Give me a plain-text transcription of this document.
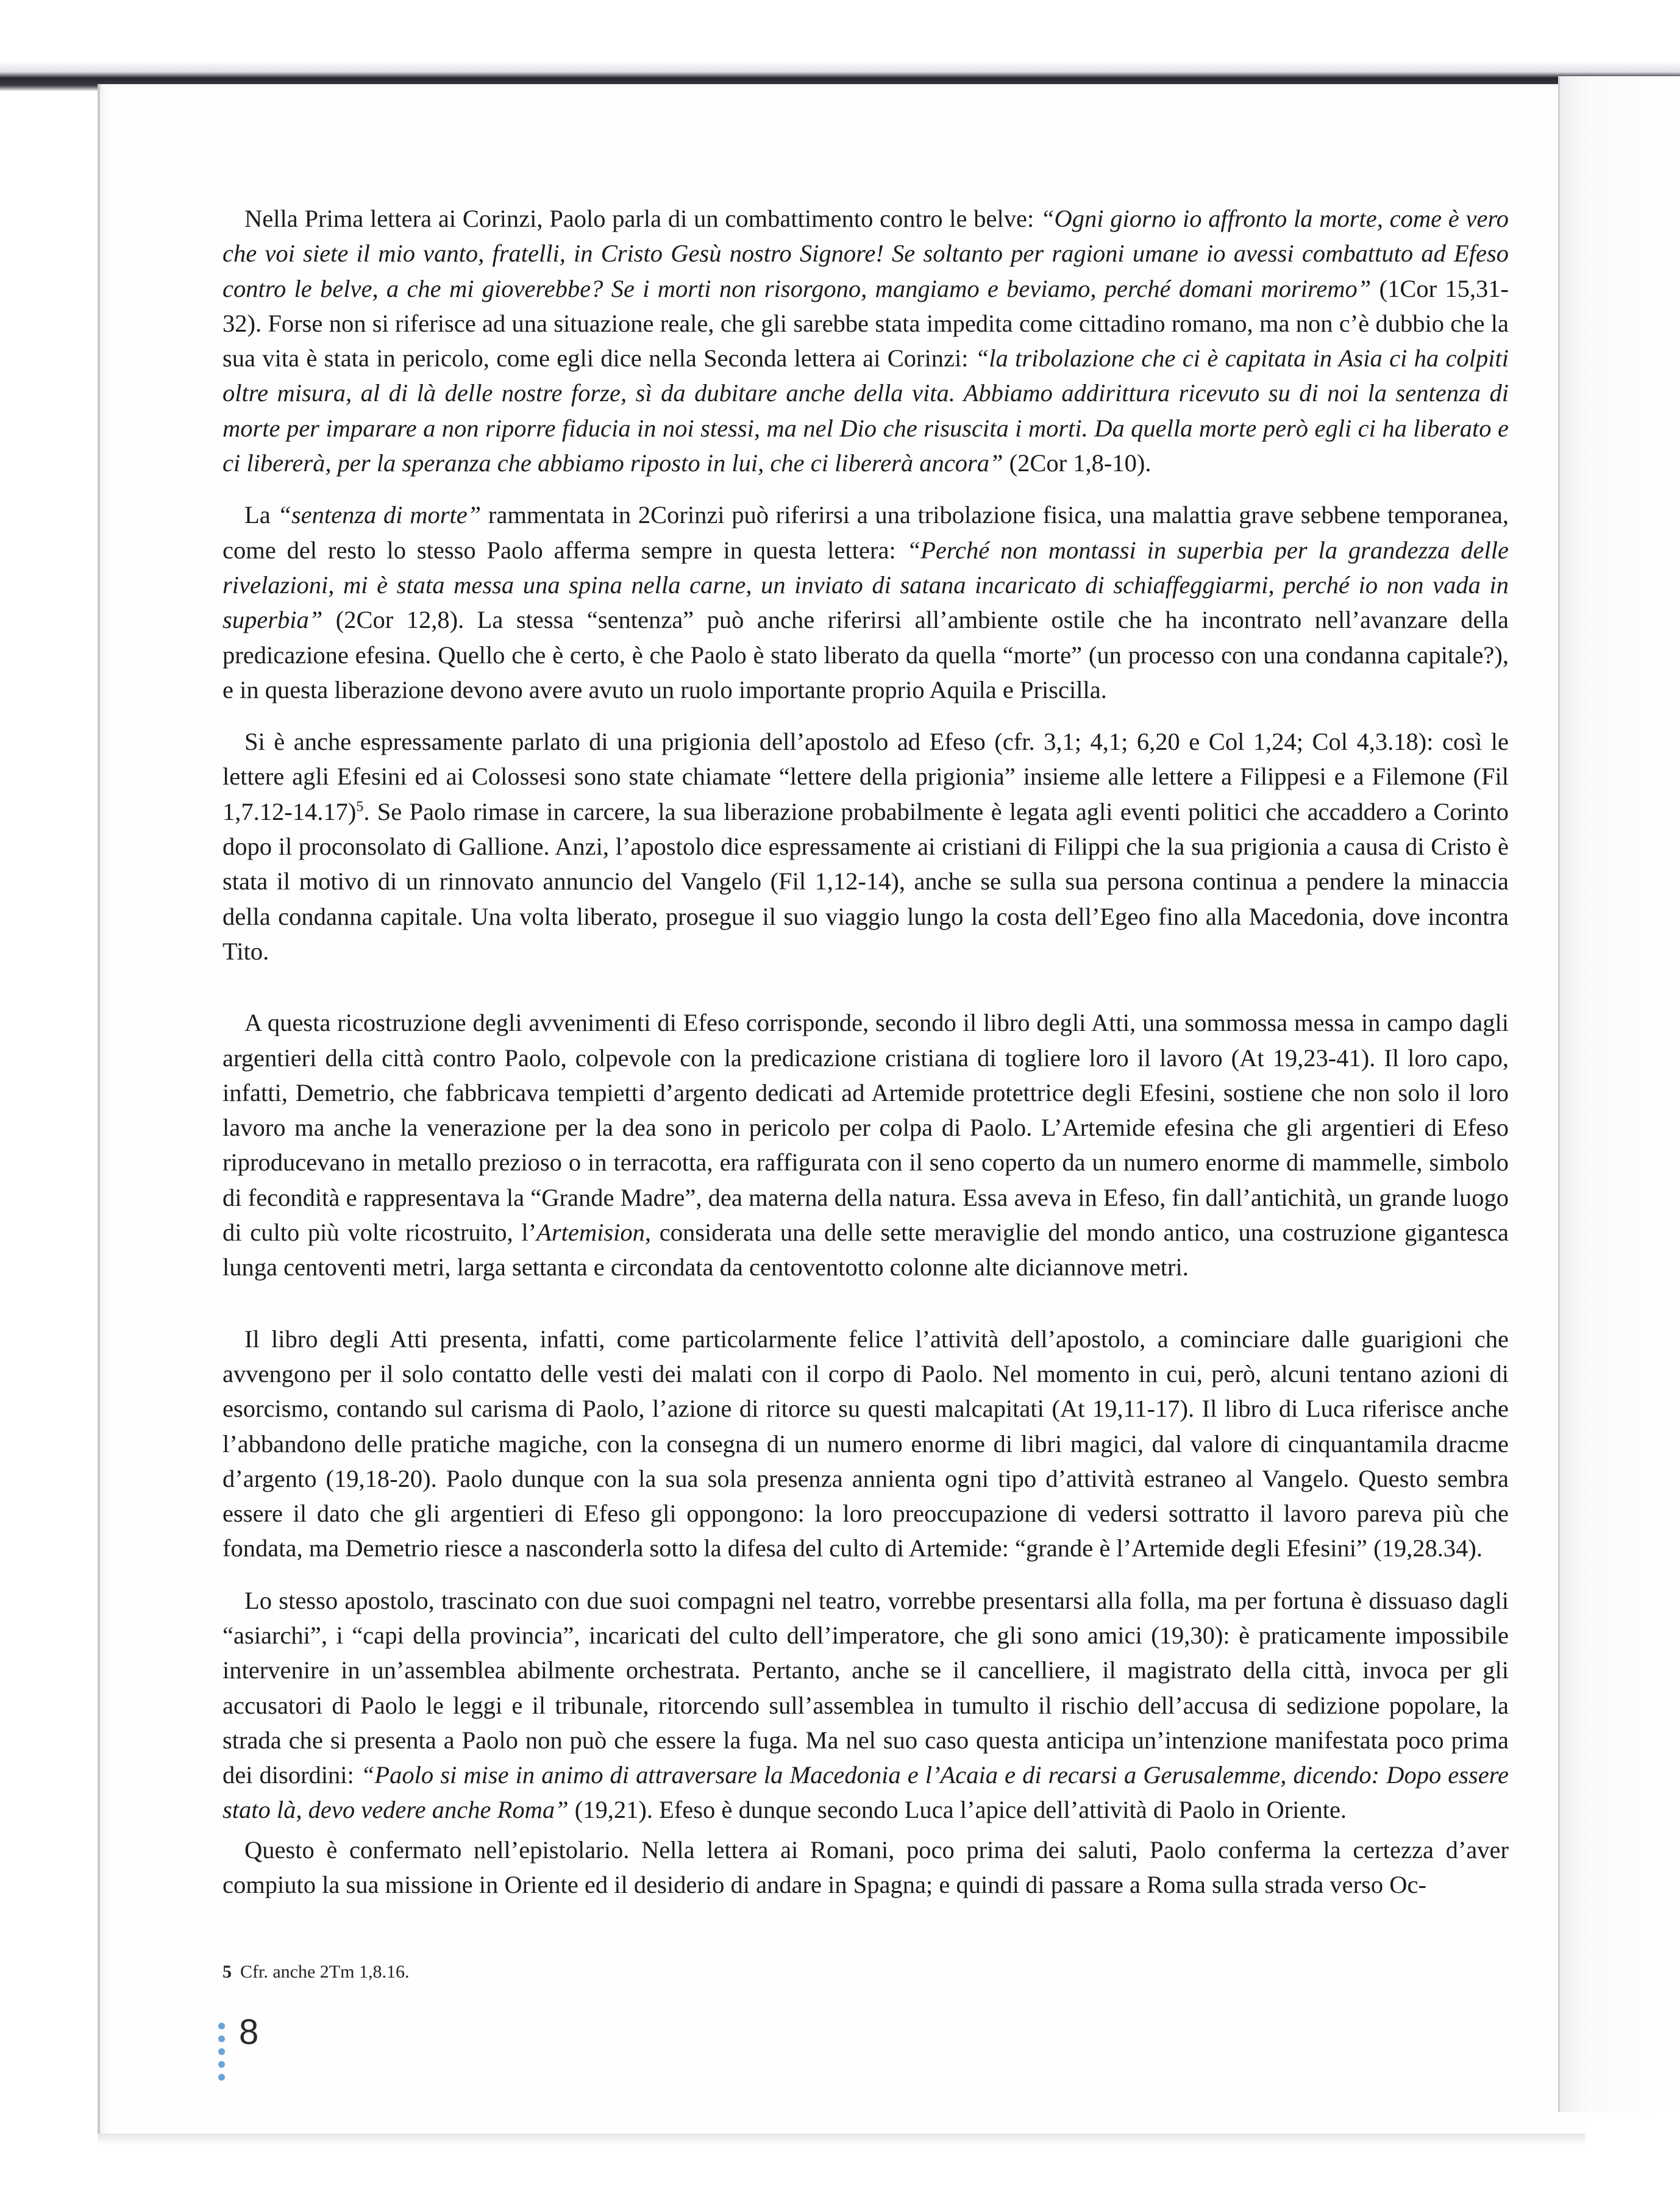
Nella Prima lettera ai Corinzi, Paolo parla di un combattimento contro le belve: “Ogni giorno io affronto la morte, come è vero che voi siete il mio vanto, fratelli, in Cristo Gesù nostro Signore! Se soltanto per ragioni umane io avessi combattuto ad Efeso contro le belve, a che mi gioverebbe? Se i morti non risorgono, mangiamo e beviamo, perché domani moriremo” (1Cor 15,31-32). Forse non si riferisce ad una situazione reale, che gli sarebbe stata impedita come cittadino romano, ma non c’è dubbio che la sua vita è stata in pericolo, come egli dice nella Seconda lettera ai Corinzi: “la tribolazione che ci è capitata in Asia ci ha colpiti oltre misura, al di là delle nostre forze, sì da dubitare anche della vita. Abbiamo addirittura ricevuto su di noi la sentenza di morte per imparare a non riporre fiducia in noi stessi, ma nel Dio che risuscita i morti. Da quella morte però egli ci ha liberato e ci libererà, per la speranza che abbiamo riposto in lui, che ci libererà ancora” (2Cor 1,8-10).

La “sentenza di morte” rammentata in 2Corinzi può riferirsi a una tribolazione fisica, una malattia grave sebbene temporanea, come del resto lo stesso Paolo afferma sempre in questa lettera: “Perché non montassi in superbia per la grandezza delle rivelazioni, mi è stata messa una spina nella carne, un inviato di satana incaricato di schiaffeggiarmi, perché io non vada in superbia” (2Cor 12,8). La stessa “sentenza” può anche riferirsi all’ambiente ostile che ha incontrato nell’avanzare della predicazione efesina. Quello che è certo, è che Paolo è stato liberato da quella “morte” (un processo con una condanna capitale?), e in questa liberazione devono avere avuto un ruolo importante proprio Aquila e Priscilla.

Si è anche espressamente parlato di una prigionia dell’apostolo ad Efeso (cfr. 3,1; 4,1; 6,20 e Col 1,24; Col 4,3.18): così le lettere agli Efesini ed ai Colossesi sono state chiamate “lettere della prigionia” insieme alle lettere a Filippesi e a Filemone (Fil 1,7.12-14.17)$^5$. Se Paolo rimase in carcere, la sua liberazione probabilmente è legata agli eventi politici che accaddero a Corinto dopo il proconsolato di Gallione. Anzi, l’apostolo dice espressamente ai cristiani di Filippi che la sua prigionia a causa di Cristo è stata il motivo di un rinnovato annuncio del Vangelo (Fil 1,12-14), anche se sulla sua persona continua a pendere la minaccia della condanna capitale. Una volta liberato, prosegue il suo viaggio lungo la costa dell’Egeo fino alla Macedonia, dove incontra Tito.

A questa ricostruzione degli avvenimenti di Efeso corrisponde, secondo il libro degli Atti, una sommossa messa in campo dagli argentieri della città contro Paolo, colpevole con la predicazione cristiana di togliere loro il lavoro (At 19,23-41). Il loro capo, infatti, Demetrio, che fabbricava tempietti d’argento dedicati ad Artemide protettrice degli Efesini, sostiene che non solo il loro lavoro ma anche la venerazione per la dea sono in pericolo per colpa di Paolo. L’Artemide efesina che gli argentieri di Efeso riproducevano in metallo prezioso o in terracotta, era raffigurata con il seno coperto da un numero enorme di mammelle, simbolo di fecondità e rappresentava la “Grande Madre”, dea materna della natura. Essa aveva in Efeso, fin dall’antichità, un grande luogo di culto più volte ricostruito, l’Artemision, considerata una delle sette meraviglie del mondo antico, una costruzione gigantesca lunga centoventi metri, larga settanta e circondata da centoventotto colonne alte diciannove metri.

Il libro degli Atti presenta, infatti, come particolarmente felice l’attività dell’apostolo, a cominciare dalle guarigioni che avvengono per il solo contatto delle vesti dei malati con il corpo di Paolo. Nel momento in cui, però, alcuni tentano azioni di esorcismo, contando sul carisma di Paolo, l’azione di ritorce su questi malcapitati (At 19,11-17). Il libro di Luca riferisce anche l’abbandono delle pratiche magiche, con la consegna di un numero enorme di libri magici, dal valore di cinquantamila dracme d’argento (19,18-20). Paolo dunque con la sua sola presenza annienta ogni tipo d’attività estraneo al Vangelo. Questo sembra essere il dato che gli argentieri di Efeso gli oppongono: la loro preoccupazione di vedersi sottratto il lavoro pareva più che fondata, ma Demetrio riesce a nasconderla sotto la difesa del culto di Artemide: “grande è l’Artemide degli Efesini” (19,28.34).

Lo stesso apostolo, trascinato con due suoi compagni nel teatro, vorrebbe presentarsi alla folla, ma per fortuna è dissuaso dagli “asiarchi”, i “capi della provincia”, incaricati del culto dell’imperatore, che gli sono amici (19,30): è praticamente impossibile intervenire in un’assemblea abilmente orchestrata. Pertanto, anche se il cancelliere, il magistrato della città, invoca per gli accusatori di Paolo le leggi e il tribunale, ritorcendo sull’assemblea in tumulto il rischio dell’accusa di sedizione popolare, la strada che si presenta a Paolo non può che essere la fuga. Ma nel suo caso questa anticipa un’intenzione manifestata poco prima dei disordini: “Paolo si mise in animo di attraversare la Macedonia e l’Acaia e di recarsi a Gerusalemme, dicendo: Dopo essere stato là, devo vedere anche Roma” (19,21). Efeso è dunque secondo Luca l’apice dell’attività di Paolo in Oriente.

Questo è confermato nell’epistolario. Nella lettera ai Romani, poco prima dei saluti, Paolo conferma la certezza d’aver compiuto la sua missione in Oriente ed il desiderio di andare in Spagna; e quindi di passare a Roma sulla strada verso Oc-

5 Cfr. anche 2Tm 1,8.16.
8
